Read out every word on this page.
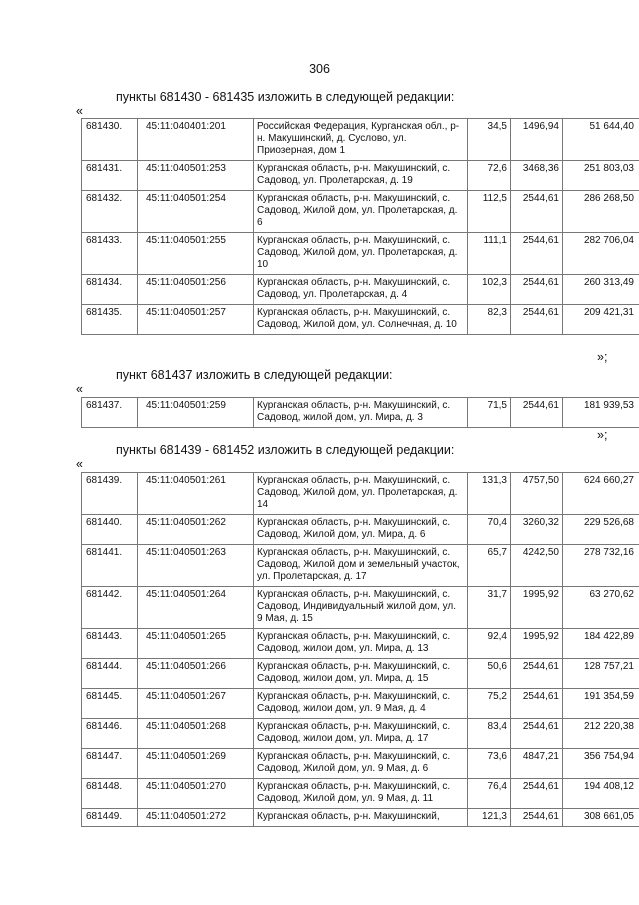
306
пункты 681430 - 681435 изложить в следующей редакции:
«
681430.	45:11:040401:201	Российская Федерация, Курганская обл., р-н. Макушинский, д. Суслово, ул. Приозерная, дом 1	34,5	1496,94	51 644,40
681431.	45:11:040501:253	Курганская область, р-н. Макушинский, с. Садовод, ул. Пролетарская, д. 19	72,6	3468,36	251 803,03
681432.	45:11:040501:254	Курганская область, р-н. Макушинский, с. Садовод, Жилой дом, ул. Пролетарская, д. 6	112,5	2544,61	286 268,50
681433.	45:11:040501:255	Курганская область, р-н. Макушинский, с. Садовод, Жилой дом, ул. Пролетарская, д. 10	111,1	2544,61	282 706,04
681434.	45:11:040501:256	Курганская область, р-н. Макушинский, с. Садовод, ул. Пролетарская, д. 4	102,3	2544,61	260 313,49
681435.	45:11:040501:257	Курганская область, р-н. Макушинский, с. Садовод, Жилой дом, ул. Солнечная, д. 10	82,3	2544,61	209 421,31
»;
пункт 681437 изложить в следующей редакции:
«
681437.	45:11:040501:259	Курганская область, р-н. Макушинский, с. Садовод, жилой дом, ул. Мира, д. 3	71,5	2544,61	181 939,53
»;
пункты 681439 - 681452 изложить в следующей редакции:
«
681439.	45:11:040501:261	Курганская область, р-н. Макушинский, с. Садовод, Жилой дом, ул. Пролетарская, д. 14	131,3	4757,50	624 660,27
681440.	45:11:040501:262	Курганская область, р-н. Макушинский, с. Садовод, Жилой дом, ул. Мира, д. 6	70,4	3260,32	229 526,68
681441.	45:11:040501:263	Курганская область, р-н. Макушинский, с. Садовод, Жилой дом и земельный участок, ул. Пролетарская, д. 17	65,7	4242,50	278 732,16
681442.	45:11:040501:264	Курганская область, р-н. Макушинский, с. Садовод, Индивидуальный жилой дом, ул. 9 Мая, д. 15	31,7	1995,92	63 270,62
681443.	45:11:040501:265	Курганская область, р-н. Макушинский, с. Садовод, жилои дом, ул. Мира, д. 13	92,4	1995,92	184 422,89
681444.	45:11:040501:266	Курганская область, р-н. Макушинский, с. Садовод, жилои дом, ул. Мира, д. 15	50,6	2544,61	128 757,21
681445.	45:11:040501:267	Курганская область, р-н. Макушинский, с. Садовод, жилои дом, ул. 9 Мая, д. 4	75,2	2544,61	191 354,59
681446.	45:11:040501:268	Курганская область, р-н. Макушинский, с. Садовод, жилои дом, ул. Мира, д. 17	83,4	2544,61	212 220,38
681447.	45:11:040501:269	Курганская область, р-н. Макушинский, с. Садовод, Жилой дом, ул. 9 Мая, д. 6	73,6	4847,21	356 754,94
681448.	45:11:040501:270	Курганская область, р-н. Макушинский, с. Садовод, Жилой дом, ул. 9 Мая, д. 11	76,4	2544,61	194 408,12
681449.	45:11:040501:272	Курганская область, р-н. Макушинский,	121,3	2544,61	308 661,05
